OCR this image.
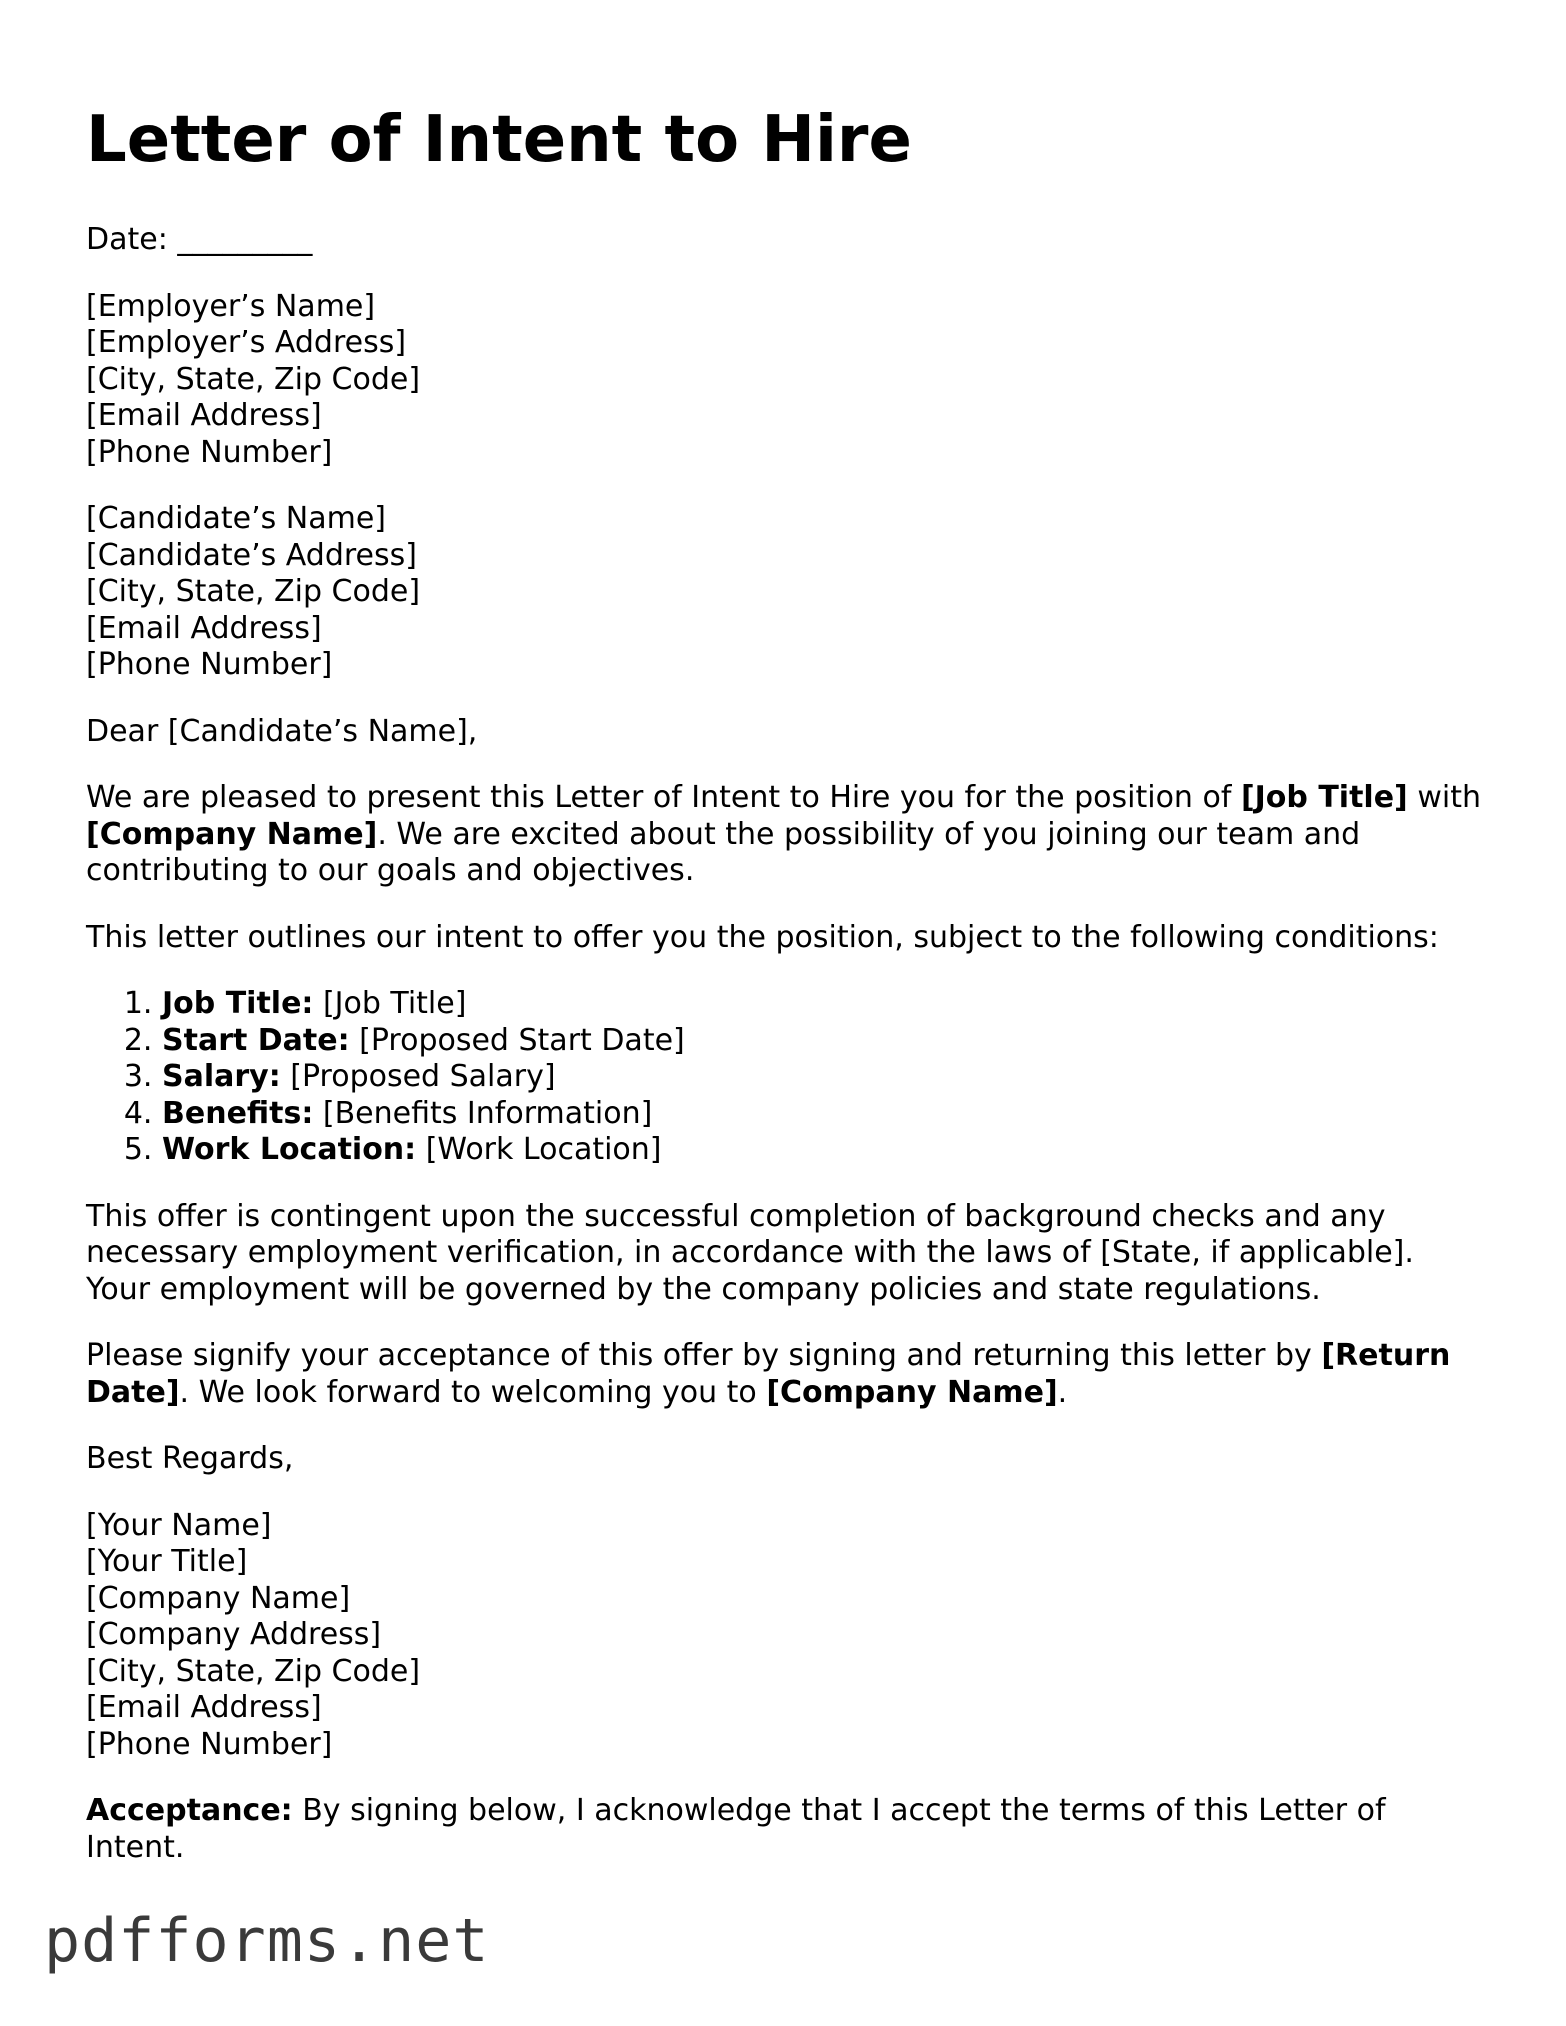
Letter of Intent to Hire

Date: _________

[Employer’s Name]
[Employer’s Address]
[City, State, Zip Code]
[Email Address]
[Phone Number]
[Candidate’s Name]
[Candidate’s Address]
[City, State, Zip Code]
[Email Address]
[Phone Number]

Dear [Candidate’s Name],

We are pleased to present this Letter of Intent to Hire you for the position of [Job Title] with [Company Name]. We are excited about the possibility of you joining our team and contributing to our goals and objectives.

This letter outlines our intent to offer you the position, subject to the following conditions:

1. Job Title: [Job Title]
2. Start Date: [Proposed Start Date]
3. Salary: [Proposed Salary]
4. Benefits: [Benefits Information]
5. Work Location: [Work Location]

This offer is contingent upon the successful completion of background checks and any necessary employment verification, in accordance with the laws of [State, if applicable]. Your employment will be governed by the company policies and state regulations.

Please signify your acceptance of this offer by signing and returning this letter by [Return Date]. We look forward to welcoming you to [Company Name].

Best Regards,

[Your Name]
[Your Title]
[Company Name]
[Company Address]
[City, State, Zip Code]
[Email Address]
[Phone Number]

Acceptance: By signing below, I acknowledge that I accept the terms of this Letter of Intent.

pdfforms.net
